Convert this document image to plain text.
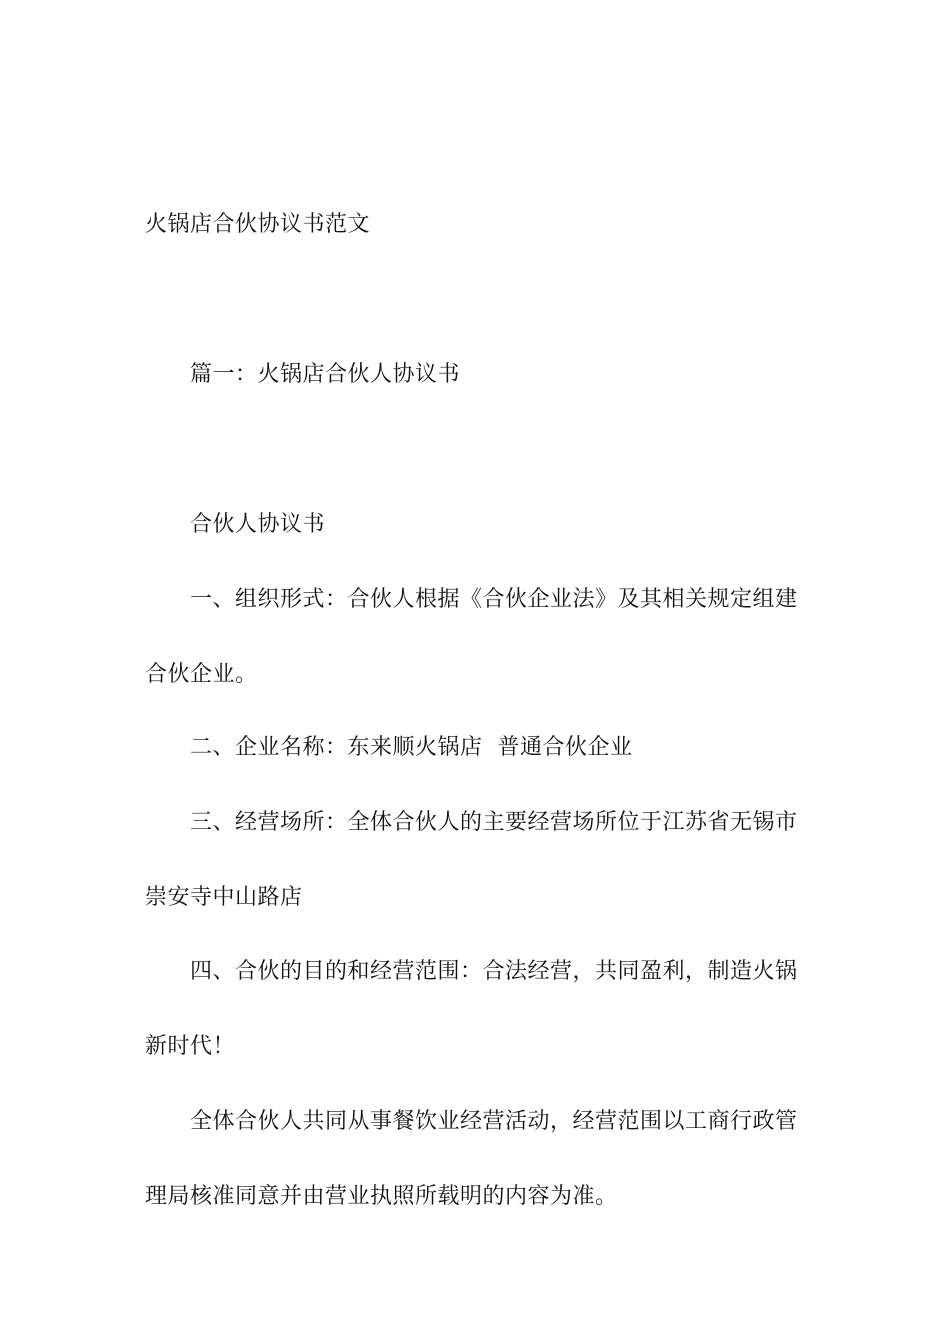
火锅店合伙协议书范文
篇一：火锅店合伙人协议书
合伙人协议书
一、组织形式：合伙人根据《合伙企业法》及其相关规定组建
合伙企业。
二、企业名称：东来顺火锅店  普通合伙企业
三、经营场所：全体合伙人的主要经营场所位于江苏省无锡市
崇安寺中山路店
四、合伙的目的和经营范围：合法经营，共同盈利，制造火锅
新时代！
全体合伙人共同从事餐饮业经营活动，经营范围以工商行政管
理局核准同意并由营业执照所载明的内容为准。
